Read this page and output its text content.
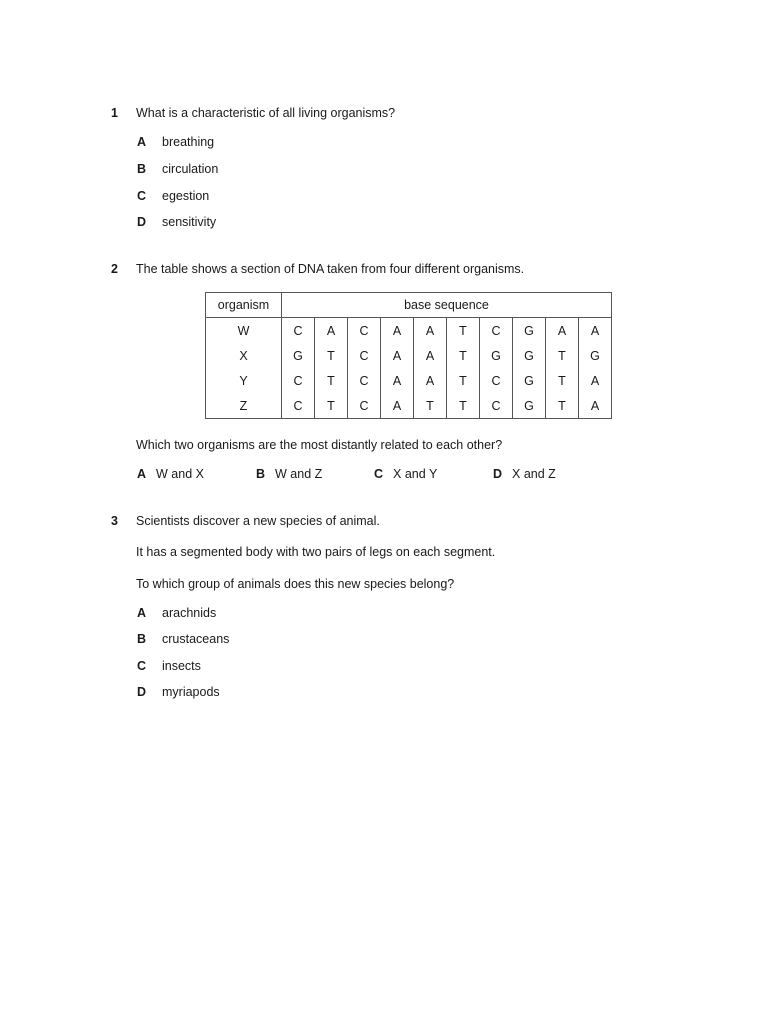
1 What is a characteristic of all living organisms?
A breathing
B circulation
C egestion
D sensitivity
2 The table shows a section of DNA taken from four different organisms.
organism	base sequence									
W	C	A	C	A	A	T	C	G	A	A
X	G	T	C	A	A	T	G	G	T	G
Y	C	T	C	A	A	T	C	G	T	A
Z	C	T	C	A	T	T	C	G	T	A
Which two organisms are the most distantly related to each other?
A W and X	B W and Z	C X and Y	D X and Z
3 Scientists discover a new species of animal.
It has a segmented body with two pairs of legs on each segment.
To which group of animals does this new species belong?
A arachnids
B crustaceans
C insects
D myriapods
